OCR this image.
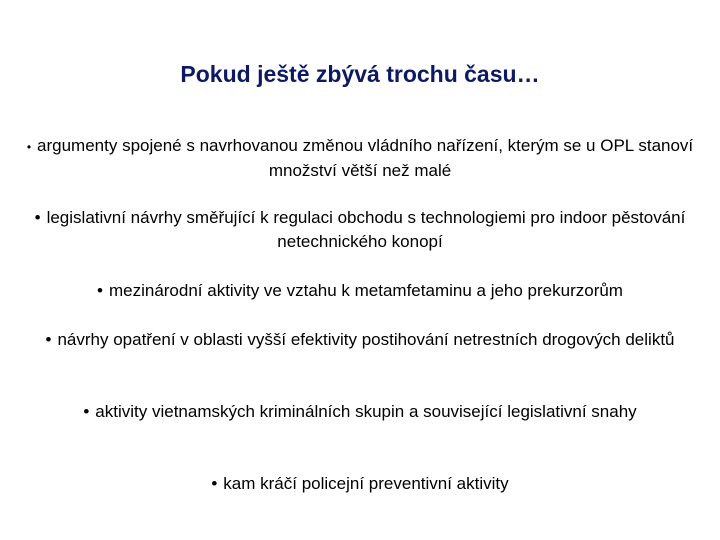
Pokud ještě zbývá trochu času…
• argumenty spojené s navrhovanou změnou vládního nařízení, kterým se u OPL stanoví množství větší než malé
• legislativní návrhy směřující k regulaci obchodu s technologiemi pro indoor pěstování netechnického konopí
• mezinárodní aktivity ve vztahu k metamfetaminu a jeho prekurzorům
• návrhy opatření v oblasti vyšší efektivity postihování netrestních drogových deliktů
• aktivity vietnamských kriminálních skupin a související legislativní snahy
• kam kráčí policejní preventivní aktivity
